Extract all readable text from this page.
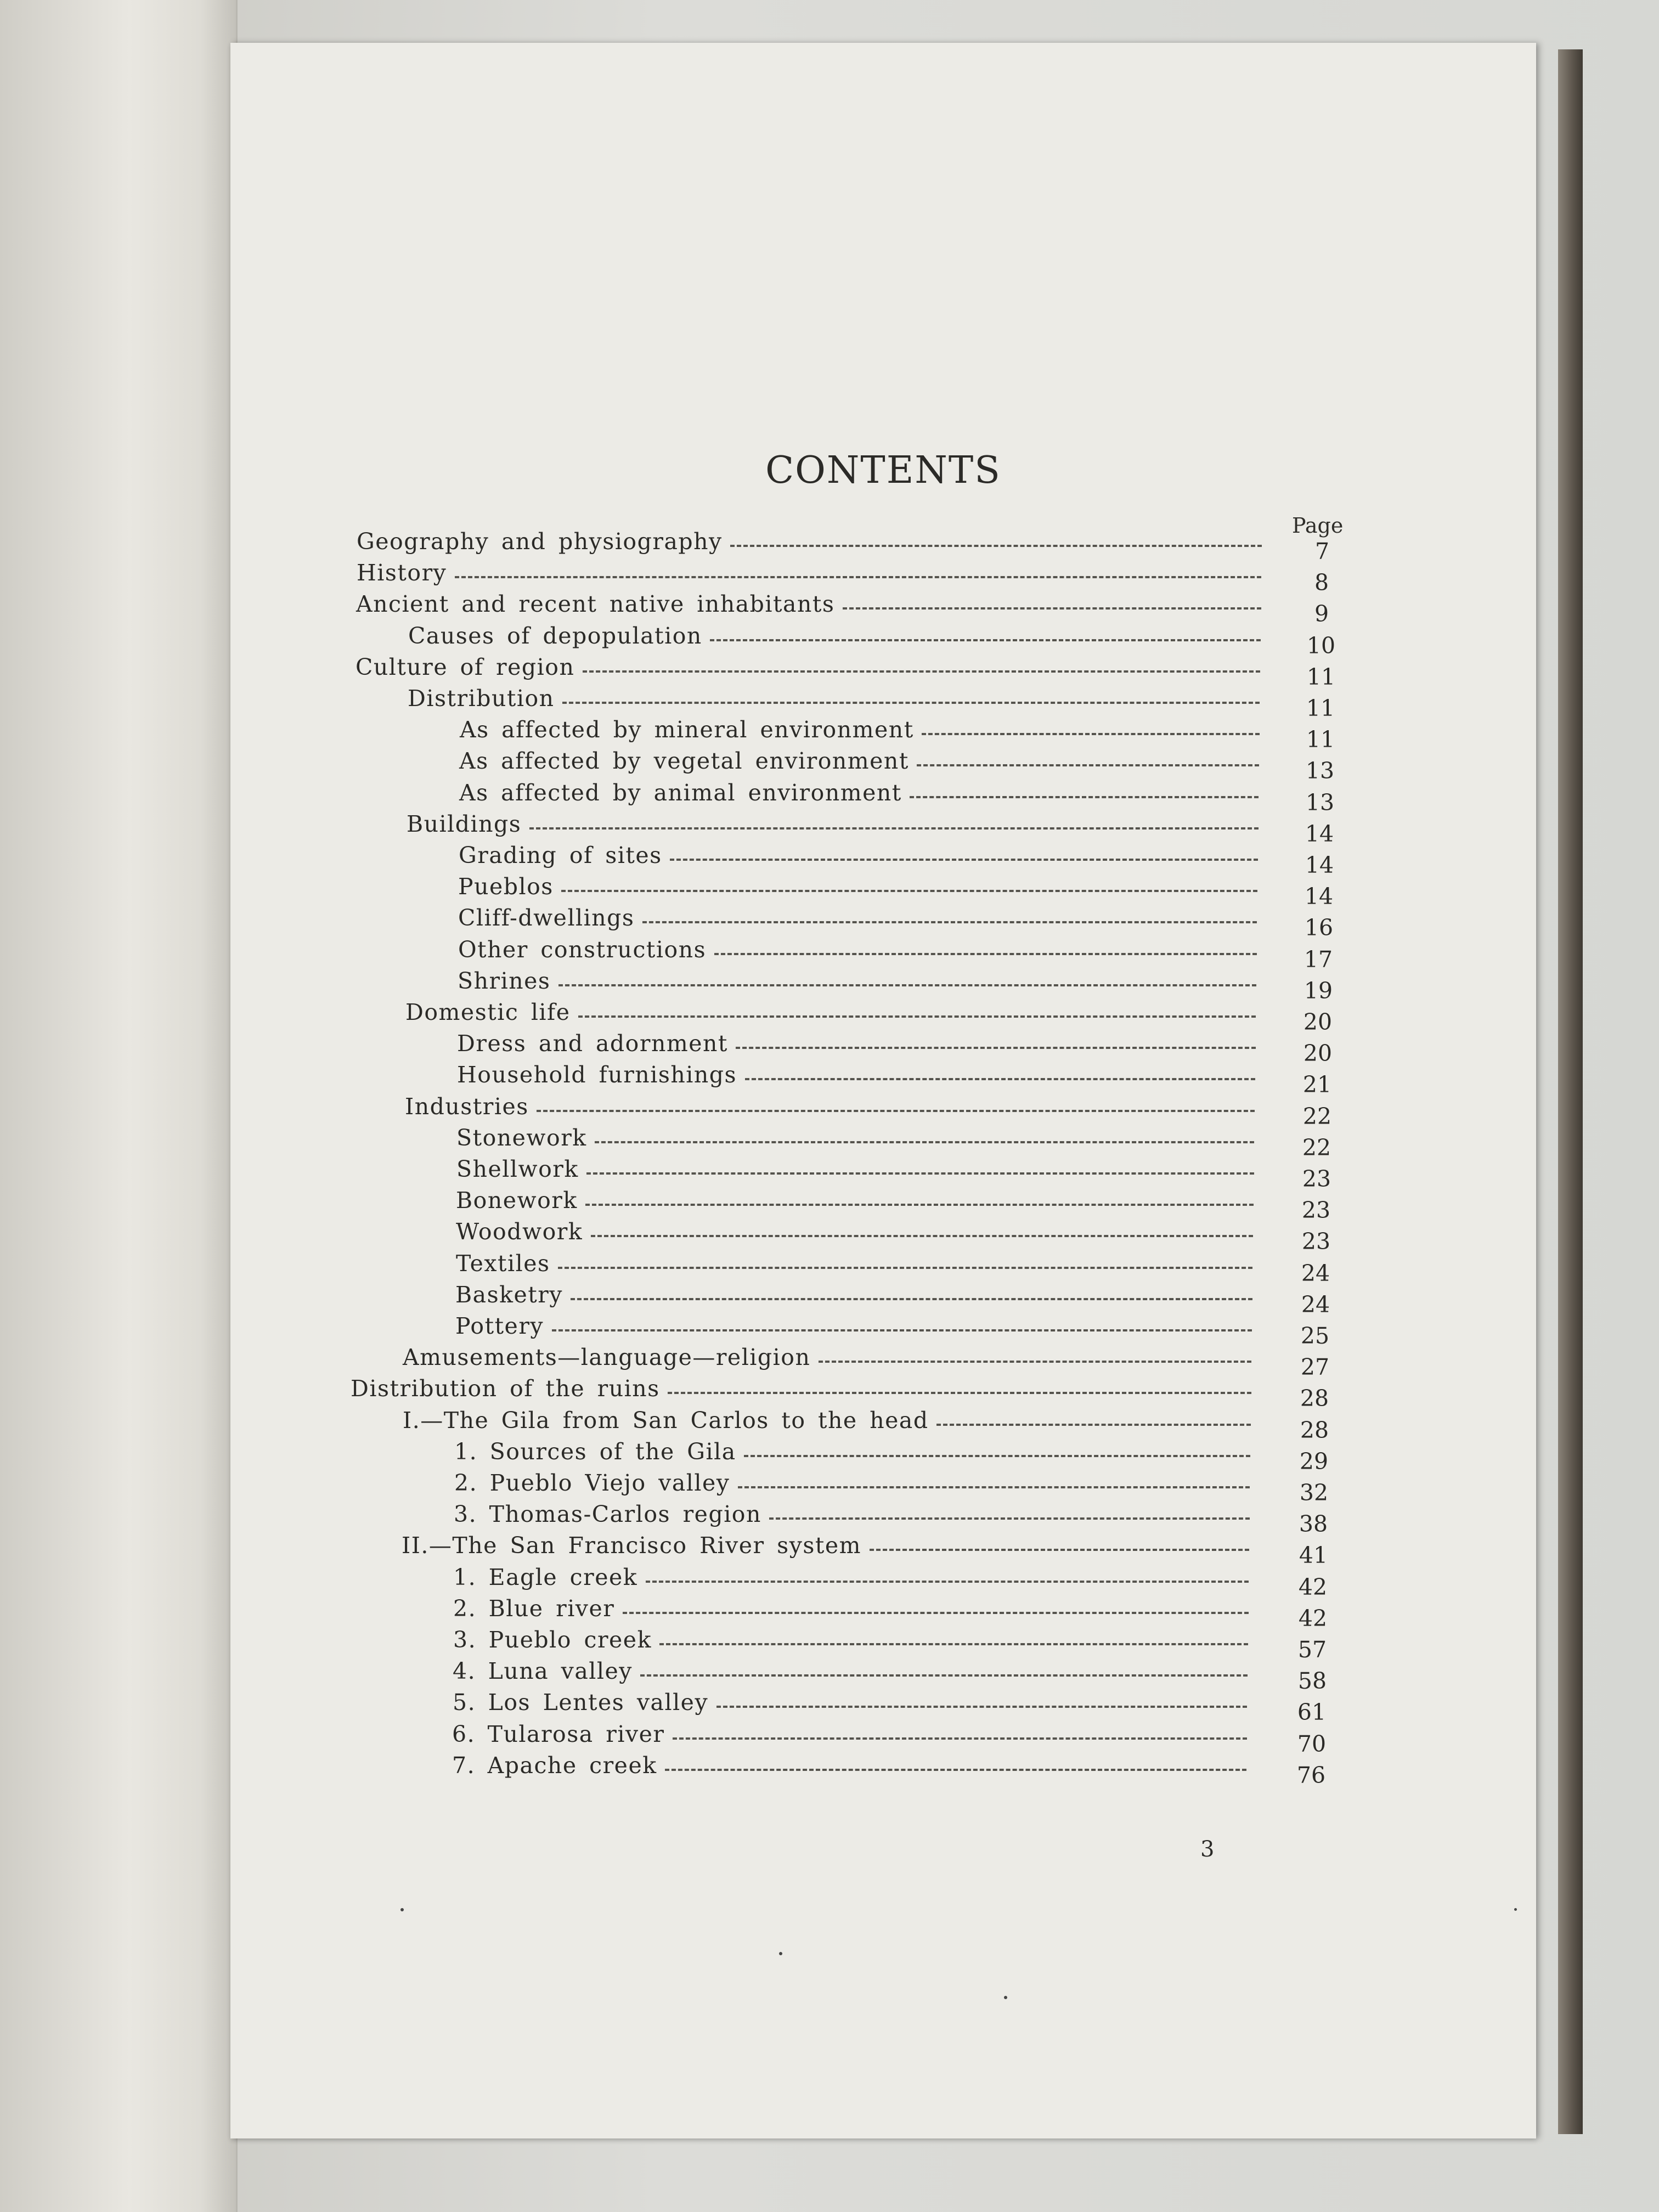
CONTENTS
Page
Geography and physiography	7
History	8
Ancient and recent native inhabitants	9
Causes of depopulation	10
Culture of region	11
Distribution	11
As affected by mineral environment	11
As affected by vegetal environment	13
As affected by animal environment	13
Buildings	14
Grading of sites	14
Pueblos	14
Cliff-dwellings	16
Other constructions	17
Shrines	19
Domestic life	20
Dress and adornment	20
Household furnishings	21
Industries	22
Stonework	22
Shellwork	23
Bonework	23
Woodwork	23
Textiles	24
Basketry	24
Pottery	25
Amusements—language—religion	27
Distribution of the ruins	28
I.—The Gila from San Carlos to the head	28
1. Sources of the Gila	29
2. Pueblo Viejo valley	32
3. Thomas-Carlos region	38
II.—The San Francisco River system	41
1. Eagle creek	42
2. Blue river	42
3. Pueblo creek	57
4. Luna valley	58
5. Los Lentes valley	61
6. Tularosa river	70
7. Apache creek	76
3
